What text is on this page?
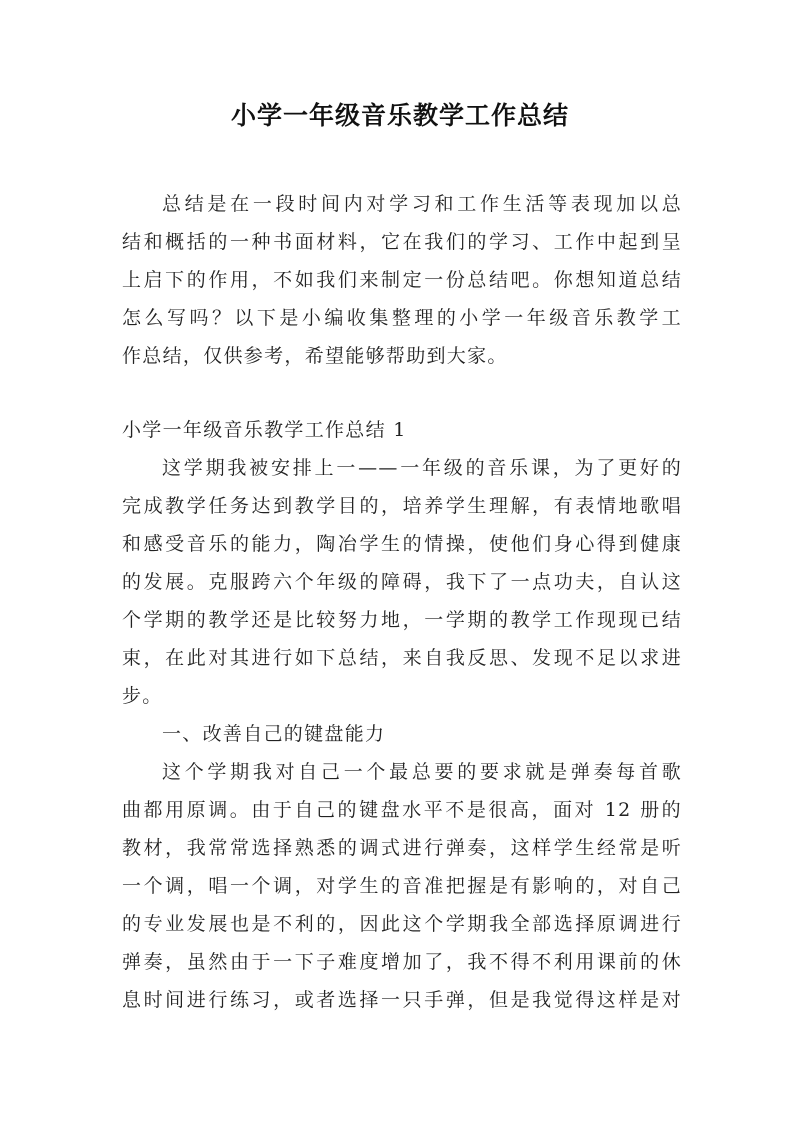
小学一年级音乐教学工作总结
总结是在一段时间内对学习和工作生活等表现加以总
结和概括的一种书面材料，它在我们的学习、工作中起到呈
上启下的作用，不如我们来制定一份总结吧。你想知道总结
怎么写吗？以下是小编收集整理的小学一年级音乐教学工
作总结，仅供参考，希望能够帮助到大家。
小学一年级音乐教学工作总结 1
这学期我被安排上一——一年级的音乐课，为了更好的
完成教学任务达到教学目的，培养学生理解，有表情地歌唱
和感受音乐的能力，陶冶学生的情操，使他们身心得到健康
的发展。克服跨六个年级的障碍，我下了一点功夫，自认这
个学期的教学还是比较努力地，一学期的教学工作现现已结
束，在此对其进行如下总结，来自我反思、发现不足以求进
步。
一、改善自己的键盘能力
这个学期我对自己一个最总要的要求就是弹奏每首歌
曲都用原调。由于自己的键盘水平不是很高，面对 12 册的
教材，我常常选择熟悉的调式进行弹奏，这样学生经常是听
一个调，唱一个调，对学生的音准把握是有影响的，对自己
的专业发展也是不利的，因此这个学期我全部选择原调进行
弹奏，虽然由于一下子难度增加了，我不得不利用课前的休
息时间进行练习，或者选择一只手弹，但是我觉得这样是对
